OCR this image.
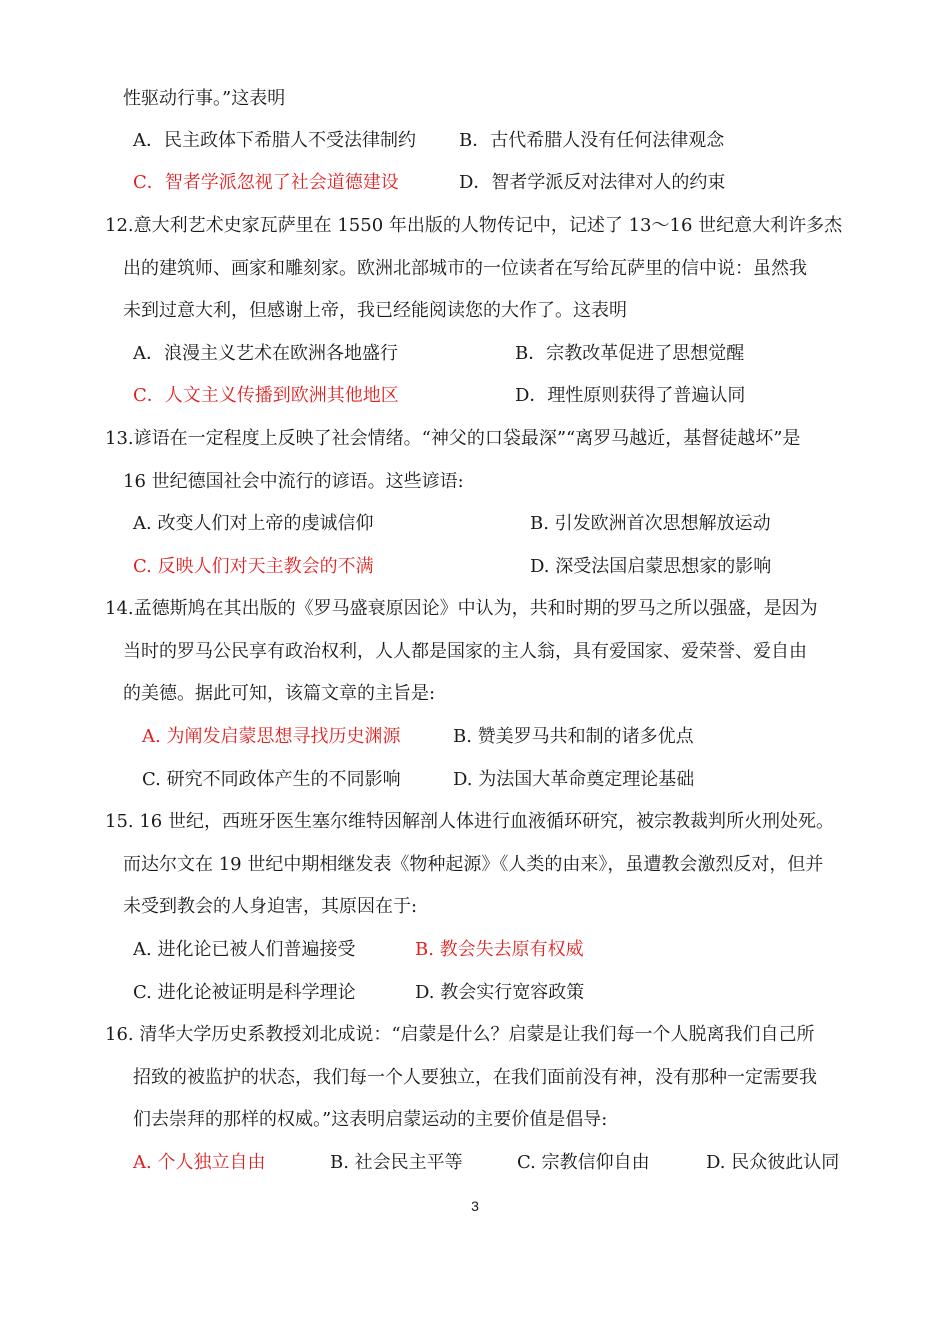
性驱动行事。”这表明
A．民主政体下希腊人不受法律制约 B．古代希腊人没有任何法律观念
C．智者学派忽视了社会道德建设	D．智者学派反对法律对人的约束
12.意大利艺术史家瓦萨里在 1550 年出版的人物传记中，记述了 13～16 世纪意大利许多杰
出的建筑师、画家和雕刻家。欧洲北部城市的一位读者在写给瓦萨里的信中说：虽然我
未到过意大利，但感谢上帝，我已经能阅读您的大作了。这表明
A．浪漫主义艺术在欧洲各地盛行	B．宗教改革促进了思想觉醒
C．人文主义传播到欧洲其他地区	D．理性原则获得了普遍认同
13.谚语在一定程度上反映了社会情绪。“神父的口袋最深”“离罗马越近，基督徒越坏”是
16 世纪德国社会中流行的谚语。这些谚语:
A. 改变人们对上帝的虔诚信仰	B. 引发欧洲首次思想解放运动
C. 反映人们对天主教会的不满	D. 深受法国启蒙思想家的影响
14.孟德斯鸠在其出版的《罗马盛衰原因论》中认为，共和时期的罗马之所以强盛，是因为
当时的罗马公民享有政治权利，人人都是国家的主人翁，具有爱国家、爱荣誉、爱自由
的美德。据此可知，该篇文章的主旨是:
A. 为阐发启蒙思想寻找历史渊源	B. 赞美罗马共和制的诸多优点
C. 研究不同政体产生的不同影响	D. 为法国大革命奠定理论基础
15. 16 世纪，西班牙医生塞尔维特因解剖人体进行血液循环研究，被宗教裁判所火刑处死。
而达尔文在 19 世纪中期相继发表《物种起源》《人类的由来》，虽遭教会激烈反对，但并
未受到教会的人身迫害，其原因在于:
A. 进化论已被人们普遍接受	B. 教会失去原有权威
C. 进化论被证明是科学理论	D. 教会实行宽容政策
16. 清华大学历史系教授刘北成说：“启蒙是什么？启蒙是让我们每一个人脱离我们自己所
招致的被监护的状态，我们每一个人要独立，在我们面前没有神，没有那种一定需要我
们去崇拜的那样的权威。”这表明启蒙运动的主要价值是倡导:
A. 个人独立自由	B. 社会民主平等	C. 宗教信仰自由	D. 民众彼此认同
3
